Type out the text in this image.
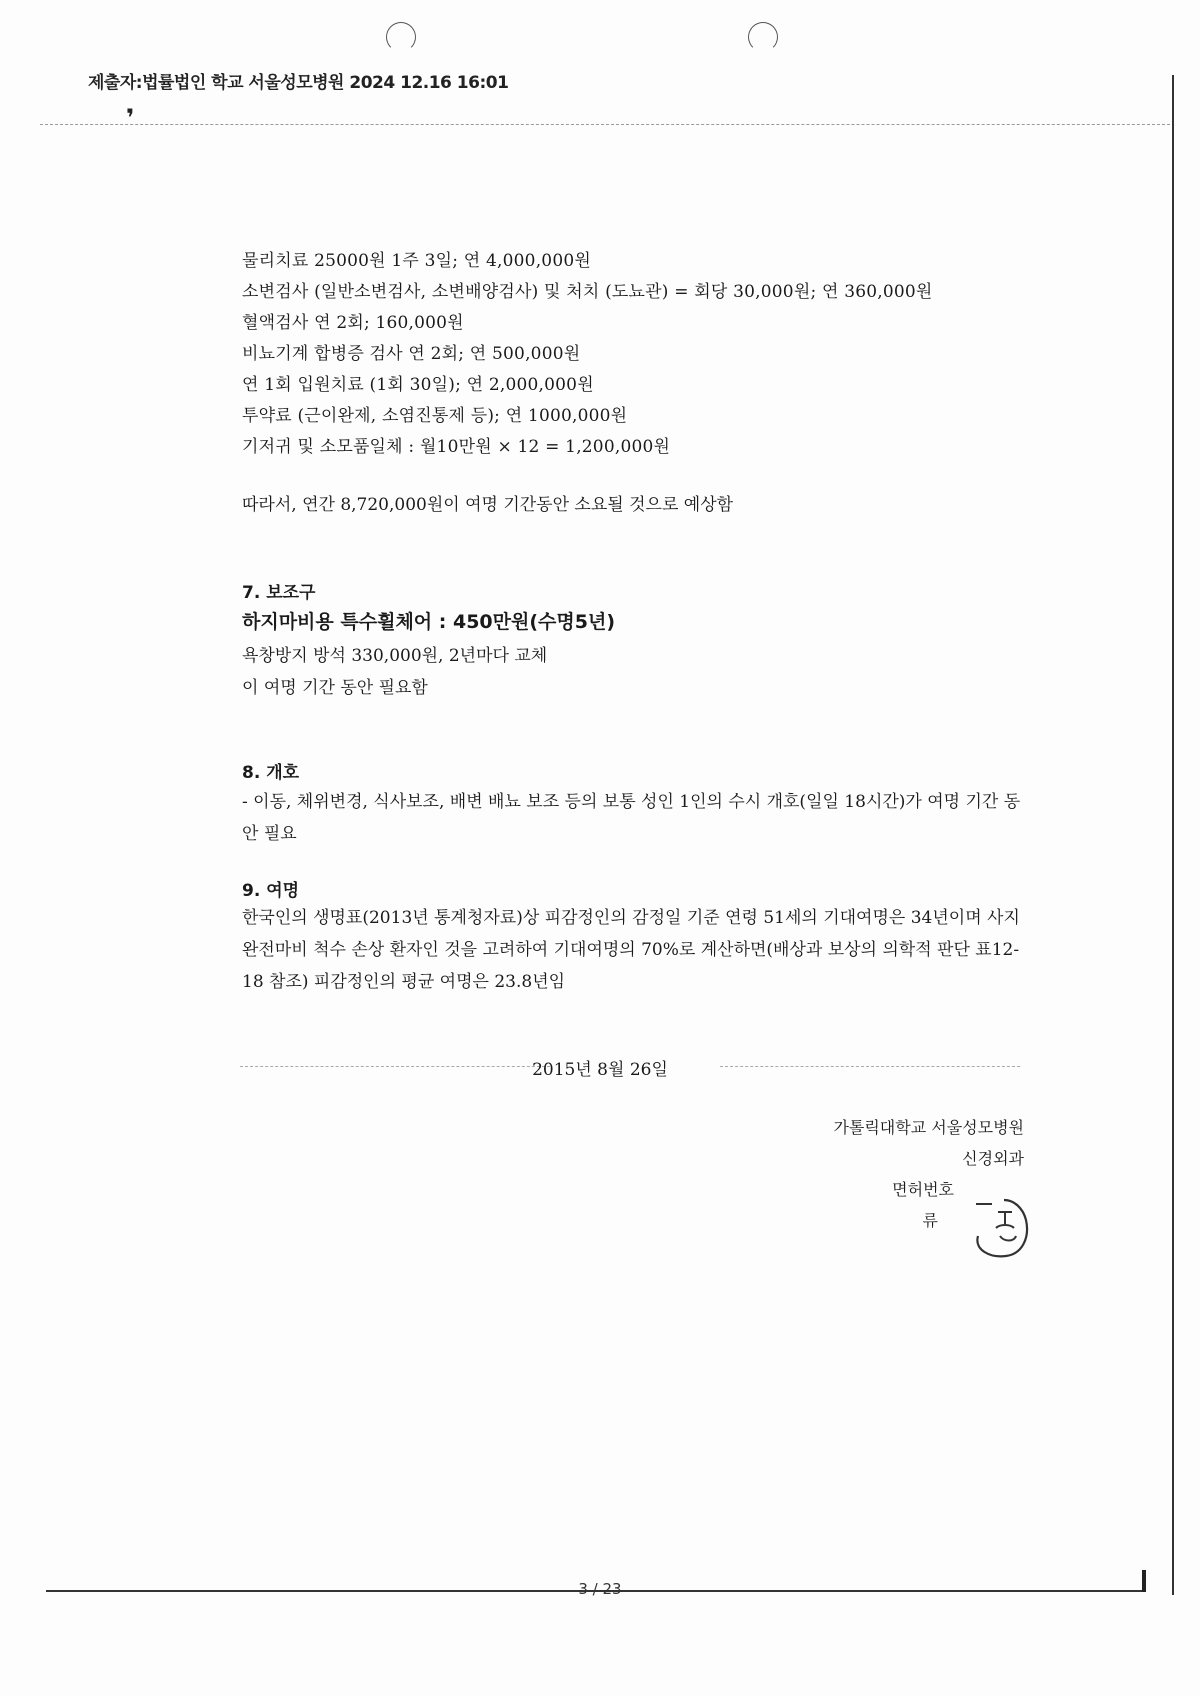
제출자:법률법인 학교 서울성모병원 2024 12.16 16:01
❜
물리치료 25000원 1주 3일; 연 4,000,000원
소변검사 (일반소변검사, 소변배양검사) 및 처치 (도뇨관) = 회당 30,000원; 연 360,000원
혈액검사 연 2회; 160,000원
비뇨기계 합병증 검사 연 2회; 연 500,000원
연 1회 입원치료 (1회 30일); 연 2,000,000원
투약료 (근이완제, 소염진통제 등); 연 1000,000원
기저귀 및 소모품일체 : 월10만원 × 12 = 1,200,000원
따라서, 연간 8,720,000원이 여명 기간동안 소요될 것으로 예상함
7. 보조구
하지마비용 특수휠체어 : 450만원(수명5년)
욕창방지 방석 330,000원, 2년마다 교체
이 여명 기간 동안 필요함
8. 개호

- 이동, 체위변경, 식사보조, 배변 배뇨 보조 등의 보통 성인 1인의 수시 개호(일일 18시간)가 여명 기간 동안 필요

9. 여명

한국인의 생명표(2013년 통계청자료)상 피감정인의 감정일 기준 연령 51세의 기대여명은 34년이며 사지완전마비 척수 손상 환자인 것을 고려하여 기대여명의 70%로 계산하면(배상과 보상의 의학적 판단 표12-18 참조) 피감정인의 평균 여명은 23.8년임

2015년 8월 26일
가톨릭대학교 서울성모병원
신경외과
면허번호
류
3 / 23
